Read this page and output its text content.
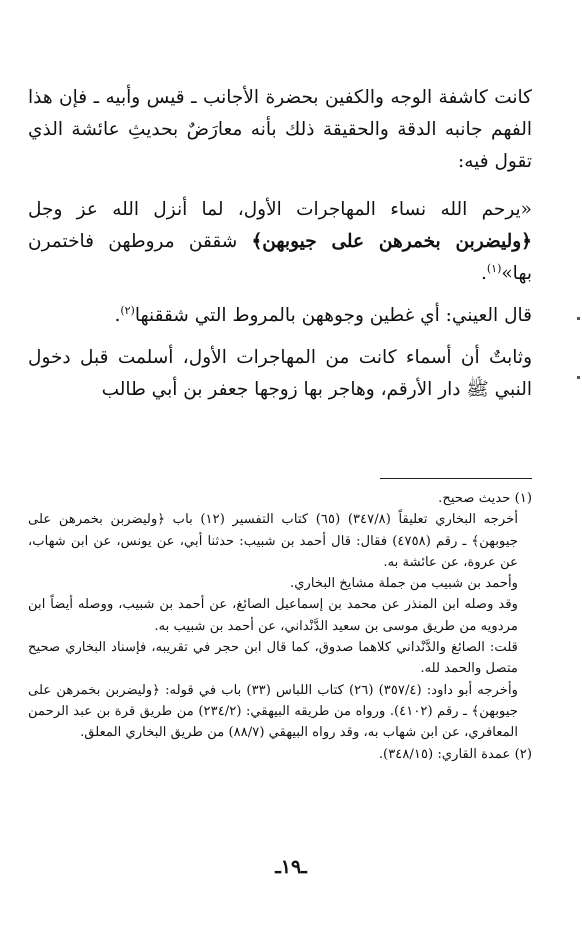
كانت كاشفة الوجه والكفين بحضرة الأجانب ـ قيس وأبيه ـ فإن هذا الفهم جانبه الدقة والحقيقة ذلك بأنه معارَضٌ بحديثِ عائشة الذي تقول فيه:

«يرحم الله نساء المهاجرات الأول، لما أنزل الله عز وجل ﴿وليضربن بخمرهن على جيوبهن﴾ شققن مروطهن فاختمرن بها»$^{(١)}$.

قال العيني: أي غطين وجوههن بالمروط التي شققنها$^{(٢)}$.

وثابتٌ أن أسماء كانت من المهاجرات الأول، أسلمت قبل دخول النبي ﷺ دار الأرقم، وهاجر بها زوجها جعفر بن أبي طالب

(١) حديث صحيح.

أخرجه البخاري تعليقاً (٣٤٧/٨) (٦٥) كتاب التفسير (١٢) باب ﴿وليضربن بخمرهن على جيوبهن﴾ ـ رقم (٤٧٥٨) فقال: قال أحمد بن شبيب: حدثنا أبي، عن يونس، عن ابن شهاب، عن عروة، عن عائشة به.

وأحمد بن شبيب من جملة مشايخ البخاري.

وقد وصله ابن المنذر عن محمد بن إسماعيل الصائغ، عن أحمد بن شبيب، ووصله أيضاً ابن مردويه من طريق موسى بن سعيد الدَّنْداني، عن أحمد بن شبيب به.

قلت: الصائغ والدَّنْداني كلاهما صدوق، كما قال ابن حجر في تقريبه، فإسناد البخاري صحيح متصل والحمد لله.

وأخرجه أبو داود: (٣٥٧/٤) (٢٦) كتاب اللباس (٣٣) باب في قوله: ﴿وليضربن بخمرهن على جيوبهن﴾ ـ رقم (٤١٠٢). ورواه من طريقه البيهقي: (٢٣٤/٢) من طريق قرة بن عبد الرحمن المعافري، عن ابن شهاب به، وقد رواه البيهقي (٨٨/٧) من طريق البخاري المعلق.

(٢) عمدة القاري: (٣٤٨/١٥).

ـ١٩ـ
